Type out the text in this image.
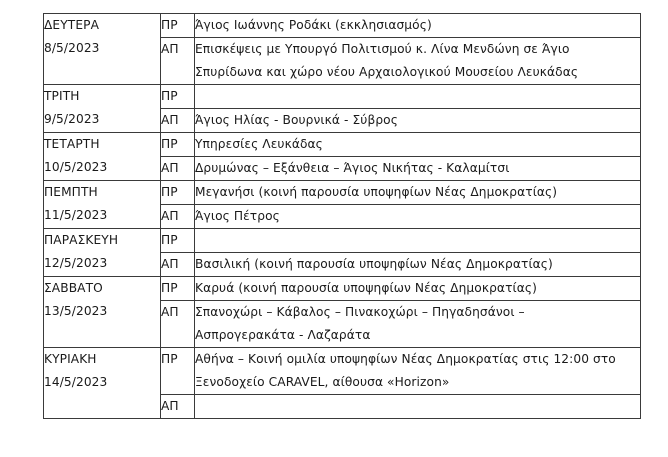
ΔΕΥΤΕΡΑ
8/5/2023	ΠΡ	Άγιος Ιωάννης Ροδάκι (εκκλησιασμός)
	ΑΠ	Επισκέψεις με Υπουργό Πολιτισμού κ. Λίνα Μενδώνη σε Άγιο
Σπυρίδωνα και χώρο νέου Αρχαιολογικού Μουσείου Λευκάδας

ΤΡΙΤΗ
9/5/2023	ΠΡ	
	ΑΠ	Άγιος Ηλίας - Βουρνικά - Σύβρος

ΤΕΤΑΡΤΗ
10/5/2023	ΠΡ	Υπηρεσίες Λευκάδας
	ΑΠ	Δρυμώνας – Εξάνθεια – Άγιος Νικήτας - Καλαμίτσι

ΠΕΜΠΤΗ
11/5/2023	ΠΡ	Μεγανήσι (κοινή παρουσία υποψηφίων Νέας Δημοκρατίας)
	ΑΠ	Άγιος Πέτρος

ΠΑΡΑΣΚΕΥΗ
12/5/2023	ΠΡ	
	ΑΠ	Βασιλική (κοινή παρουσία υποψηφίων Νέας Δημοκρατίας)

ΣΑΒΒΑΤΟ
13/5/2023	ΠΡ	Καρυά (κοινή παρουσία υποψηφίων Νέας Δημοκρατίας)
	ΑΠ	Σπανοχώρι – Κάβαλος – Πινακοχώρι – Πηγαδησάνοι –
Ασπρογερακάτα - Λαζαράτα

ΚΥΡΙΑΚΗ
14/5/2023	ΠΡ	Αθήνα – Κοινή ομιλία υποψηφίων Νέας Δημοκρατίας στις 12:00 στο
Ξενοδοχείο CARAVEL, αίθουσα «Horizon»
	ΑΠ	
